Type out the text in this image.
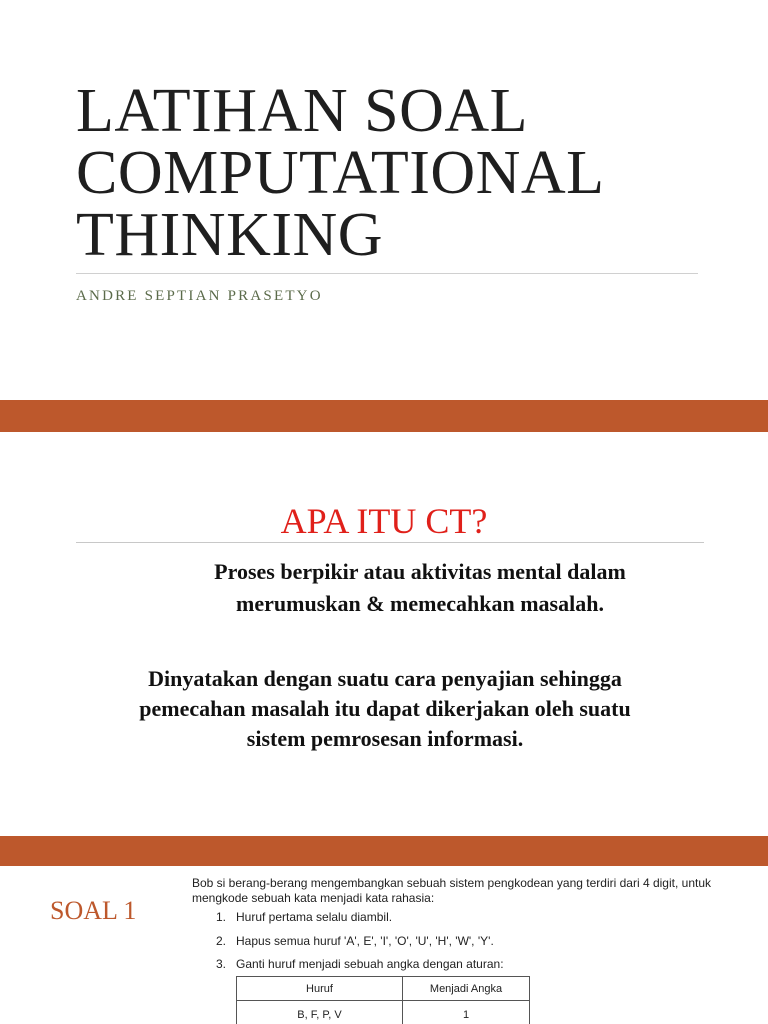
LATIHAN SOAL
COMPUTATIONAL
THINKING
ANDRE SEPTIAN PRASETYO
APA ITU CT?
Proses berpikir atau aktivitas mental dalam
merumuskan & memecahkan masalah.
Dinyatakan dengan suatu cara penyajian sehingga
pemecahan masalah itu dapat dikerjakan oleh suatu
sistem pemrosesan informasi.
SOAL 1
Bob si berang-berang mengembangkan sebuah sistem pengkodean yang terdiri dari 4 digit, untuk
mengkode sebuah kata menjadi kata rahasia:
1. Huruf pertama selalu diambil.
2. Hapus semua huruf 'A', E', 'I', 'O', 'U', 'H', 'W', 'Y'.
3. Ganti huruf menjadi sebuah angka dengan aturan:
Huruf	Menjadi Angka
B, F, P, V	1
